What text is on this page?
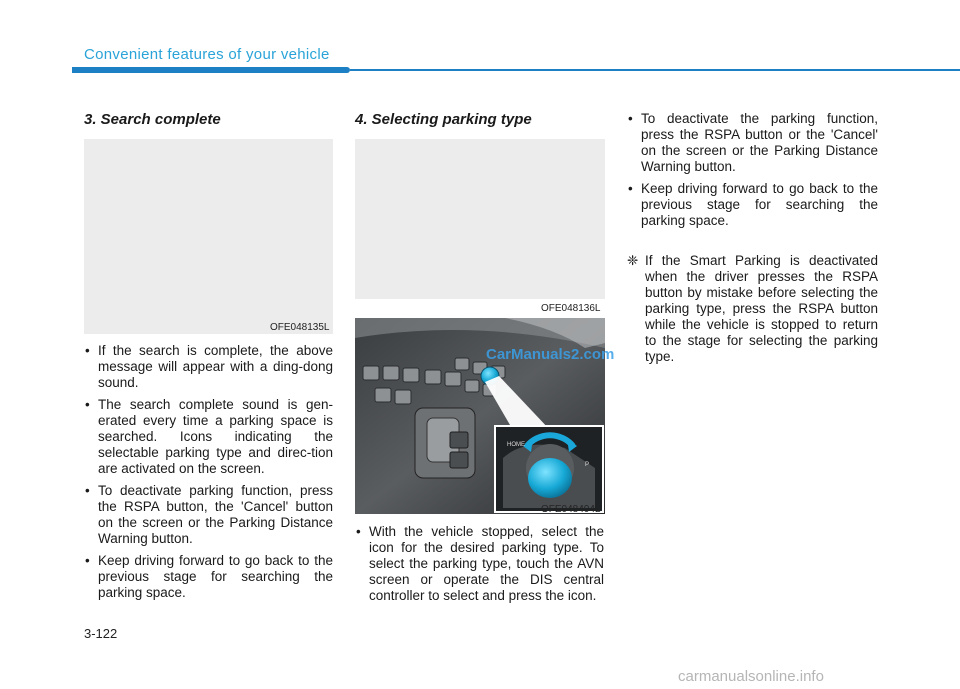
Convenient features of your vehicle
3. Search complete
OFE048135L
• If the search is complete, the above message will appear with a ding-dong sound.
• The search complete sound is gen-erated every time a parking space is searched. Icons indicating the selectable parking type and direc-tion are activated on the screen.
• To deactivate parking function, press the RSPA button, the 'Cancel' button on the screen or the Parking Distance Warning button.
• Keep driving forward to go back to the previous stage for searching the parking space.
4. Selecting parking type
OFE048136L
HOME
P
CarManuals2.com
OFE048404L
• With the vehicle stopped, select the icon for the desired parking type. To select the parking type, touch the AVN screen or operate the DIS central controller to select and press the icon.
• To deactivate the parking function, press the RSPA button or the 'Cancel' on the screen or the Parking Distance Warning button.
• Keep driving forward to go back to the previous stage for searching the parking space.
❈ If the Smart Parking is deactivated when the driver presses the RSPA button by mistake before selecting the parking type, press the RSPA button while the vehicle is stopped to return to the stage for selecting the parking type.
3-122
carmanualsonline.info
